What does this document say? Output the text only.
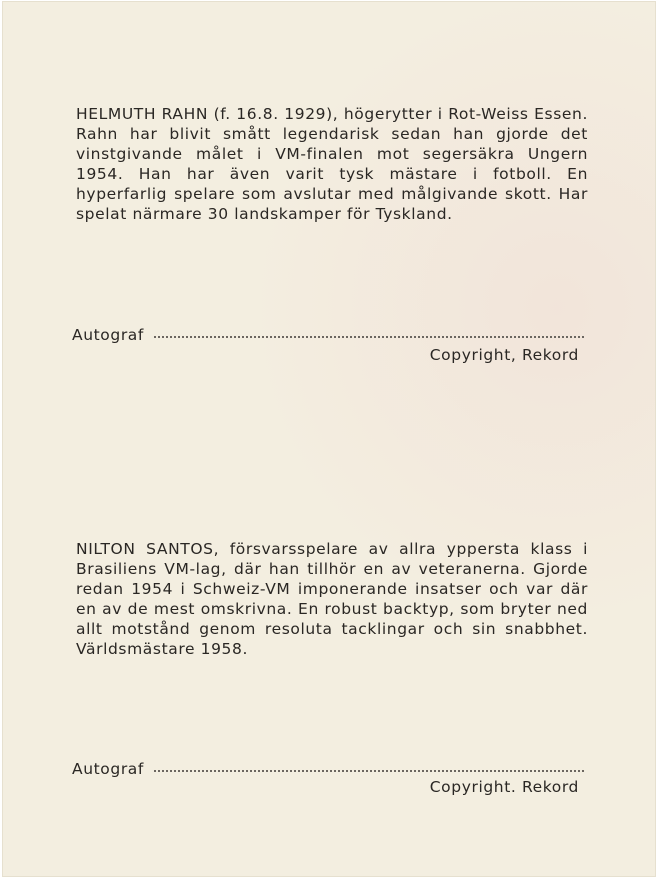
HELMUTH RAHN (f. 16.8. 1929), högerytter i Rot-Weiss Essen. Rahn har blivit smått legendarisk sedan han gjorde det vinstgivande målet i VM-finalen mot segersäkra Ungern 1954. Han har även varit tysk mästare i fotboll. En hyperfarlig spelare som avslutar med målgivande skott. Har spelat närmare 30 landskamper för Tyskland.

Autograf
Copyright, Rekord

NILTON SANTOS, försvarsspelare av allra yppersta klass i Brasiliens VM-lag, där han tillhör en av veteranerna. Gjorde redan 1954 i Schweiz-VM imponerande insatser och var där en av de mest omskrivna. En robust backtyp, som bryter ned allt motstånd genom resoluta tacklingar och sin snabbhet. Världsmästare 1958.

Autograf
Copyright. Rekord
